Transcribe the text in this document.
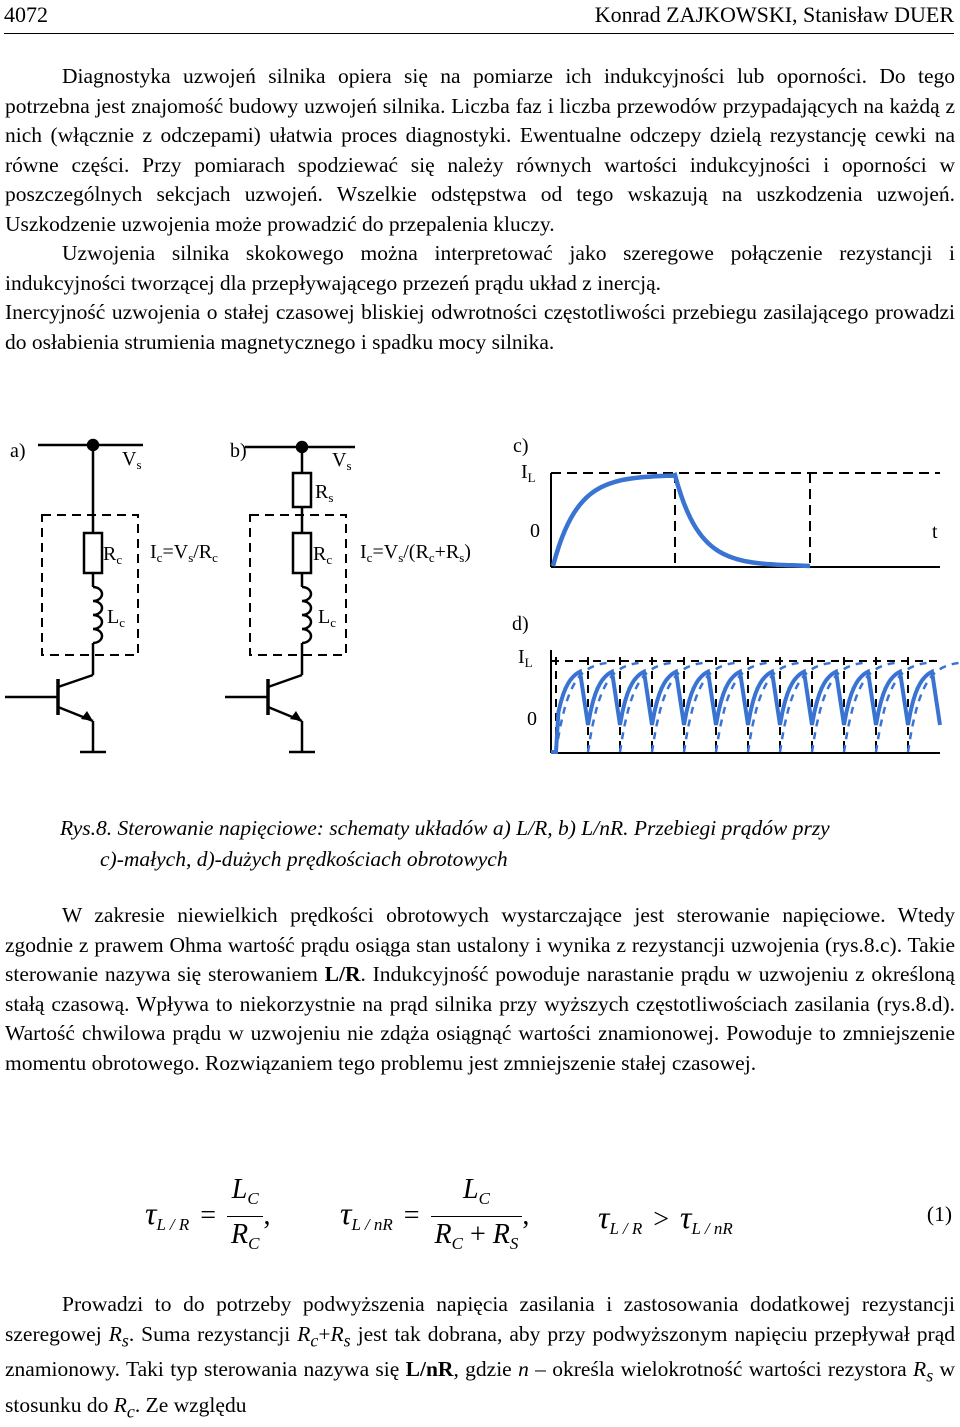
4072	Konrad ZAJKOWSKI, Stanisław DUER
Diagnostyka uzwojeń silnika opiera się na pomiarze ich indukcyjności lub oporności. Do tego potrzebna jest znajomość budowy uzwojeń silnika. Liczba faz i liczba przewodów przypadających na każdą z nich (włącznie z odczepami) ułatwia proces diagnostyki. Ewentualne odczepy dzielą rezystancję cewki na równe części. Przy pomiarach spodziewać się należy równych wartości indukcyjności i oporności w poszczególnych sekcjach uzwojeń. Wszelkie odstępstwa od tego wskazują na uszkodzenia uzwojeń. Uszkodzenie uzwojenia może prowadzić do przepalenia kluczy.
Uzwojenia silnika skokowego można interpretować jako szeregowe połączenie rezystancji i indukcyjności tworzącej dla przepływającego przezeń prądu układ z inercją.
Inercyjność uzwojenia o stałej czasowej bliskiej odwrotności częstotliwości przebiegu zasilającego prowadzi do osłabienia strumienia magnetycznego i spadku mocy silnika.
a)	$V_s$
$R_c$
$L_c$
$I_c=V_s/R_c$
b)	$V_s$
$R_s$
$R_c$
$L_c$
$I_c=V_s/(R_c+R_s)$
c)
$I_L$
0	t
d)
$I_L$
0
Rys.8. Sterowanie napięciowe: schematy układów a) L/R, b) L/nR. Przebiegi prądów przy
c)-małych, d)-dużych prędkościach obrotowych
W zakresie niewielkich prędkości obrotowych wystarczające jest sterowanie napięciowe. Wtedy zgodnie z prawem Ohma wartość prądu osiąga stan ustalony i wynika z rezystancji uzwojenia (rys.8.c). Takie sterowanie nazywa się sterowaniem L/R. Indukcyjność powoduje narastanie prądu w uzwojeniu z określoną stałą czasową. Wpływa to niekorzystnie na prąd silnika przy wyższych częstotliwościach zasilania (rys.8.d). Wartość chwilowa prądu w uzwojeniu nie zdąża osiągnąć wartości znamionowej. Powoduje to zmniejszenie momentu obrotowego. Rozwiązaniem tego problemu jest zmniejszenie stałej czasowej.
$\tau_{L / R} = \frac{L_C}{R_C}$ , $\tau_{L / nR} = \frac{L_C}{R_C + R_S}$ , $\tau_{L / R} > \tau_{L / nR}$
(1)
Prowadzi to do potrzeby podwyższenia napięcia zasilania i zastosowania dodatkowej rezystancji szeregowej $R_s$. Suma rezystancji $R_c+R_s$ jest tak dobrana, aby przy podwyższonym napięciu przepływał prąd znamionowy. Taki typ sterowania nazywa się L/nR, gdzie n – określa wielokrotność wartości rezystora $R_s$ w stosunku do $R_c$. Ze względu
